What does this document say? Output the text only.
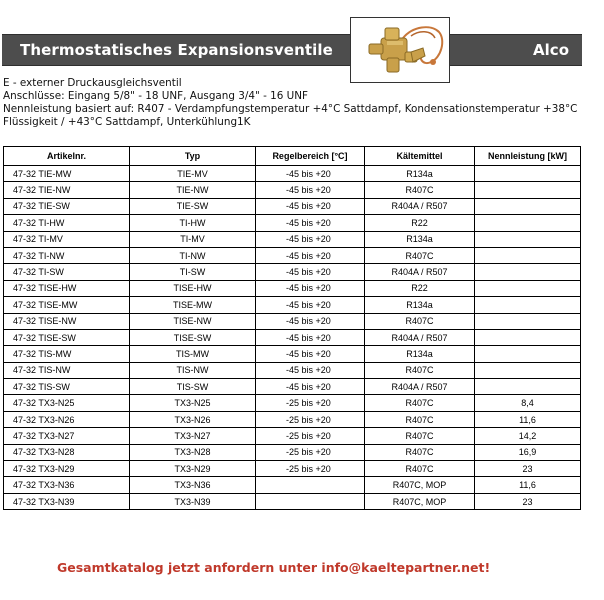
Thermostatisches Expansionsventile	Alco
E - externer Druckausgleichsventil
Anschlüsse: Eingang 5/8" - 18 UNF, Ausgang 3/4" - 16 UNF
Nennleistung basiert auf: R407 - Verdampfungstemperatur +4°C Sattdampf, Kondensationstemperatur +38°C Flüssigkeit / +43°C Sattdampf, Unterkühlung1K
Artikelnr.	Typ	Regelbereich [°C]	Kältemittel	Nennleistung [kW]
47-32 TIE-MW	TIE-MV	-45 bis +20	R134a	
47-32 TIE-NW	TIE-NW	-45 bis +20	R407C	
47-32 TIE-SW	TIE-SW	-45 bis +20	R404A / R507	
47-32 TI-HW	TI-HW	-45 bis +20	R22	
47-32 TI-MV	TI-MV	-45 bis +20	R134a	
47-32 TI-NW	TI-NW	-45 bis +20	R407C	
47-32 TI-SW	TI-SW	-45 bis +20	R404A / R507	
47-32 TISE-HW	TISE-HW	-45 bis +20	R22	
47-32 TISE-MW	TISE-MW	-45 bis +20	R134a	
47-32 TISE-NW	TISE-NW	-45 bis +20	R407C	
47-32 TISE-SW	TISE-SW	-45 bis +20	R404A / R507	
47-32 TIS-MW	TIS-MW	-45 bis +20	R134a	
47-32 TIS-NW	TIS-NW	-45 bis +20	R407C	
47-32 TIS-SW	TIS-SW	-45 bis +20	R404A / R507	
47-32 TX3-N25	TX3-N25	-25 bis +20	R407C	8,4
47-32 TX3-N26	TX3-N26	-25 bis +20	R407C	11,6
47-32 TX3-N27	TX3-N27	-25 bis +20	R407C	14,2
47-32 TX3-N28	TX3-N28	-25 bis +20	R407C	16,9
47-32 TX3-N29	TX3-N29	-25 bis +20	R407C	23
47-32 TX3-N36	TX3-N36		R407C, MOP	11,6
47-32 TX3-N39	TX3-N39		R407C, MOP	23
Gesamtkatalog jetzt anfordern unter info@kaeltepartner.net!
